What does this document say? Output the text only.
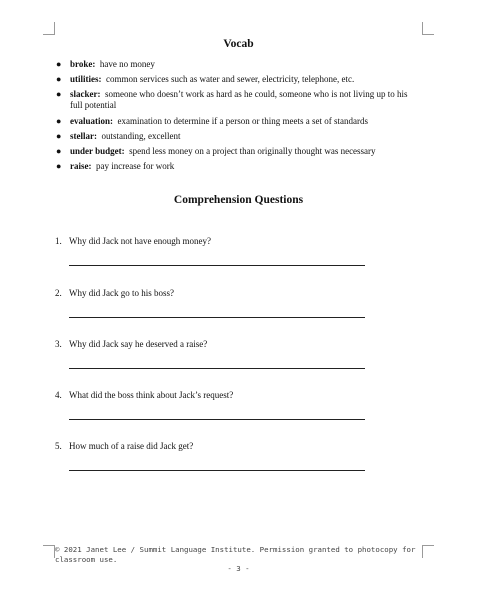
Vocab
● broke: have no money
● utilities: common services such as water and sewer, electricity, telephone, etc.
● slacker: someone who doesn’t work as hard as he could, someone who is not living up to his full potential
● evaluation: examination to determine if a person or thing meets a set of standards
● stellar: outstanding, excellent
● under budget: spend less money on a project than originally thought was necessary
● raise: pay increase for work
Comprehension Questions
1. Why did Jack not have enough money?
2. Why did Jack go to his boss?
3. Why did Jack say he deserved a raise?
4. What did the boss think about Jack’s request?
5. How much of a raise did Jack get?
© 2021 Janet Lee / Summit Language Institute. Permission granted to photocopy for classroom use.
- 3 -
